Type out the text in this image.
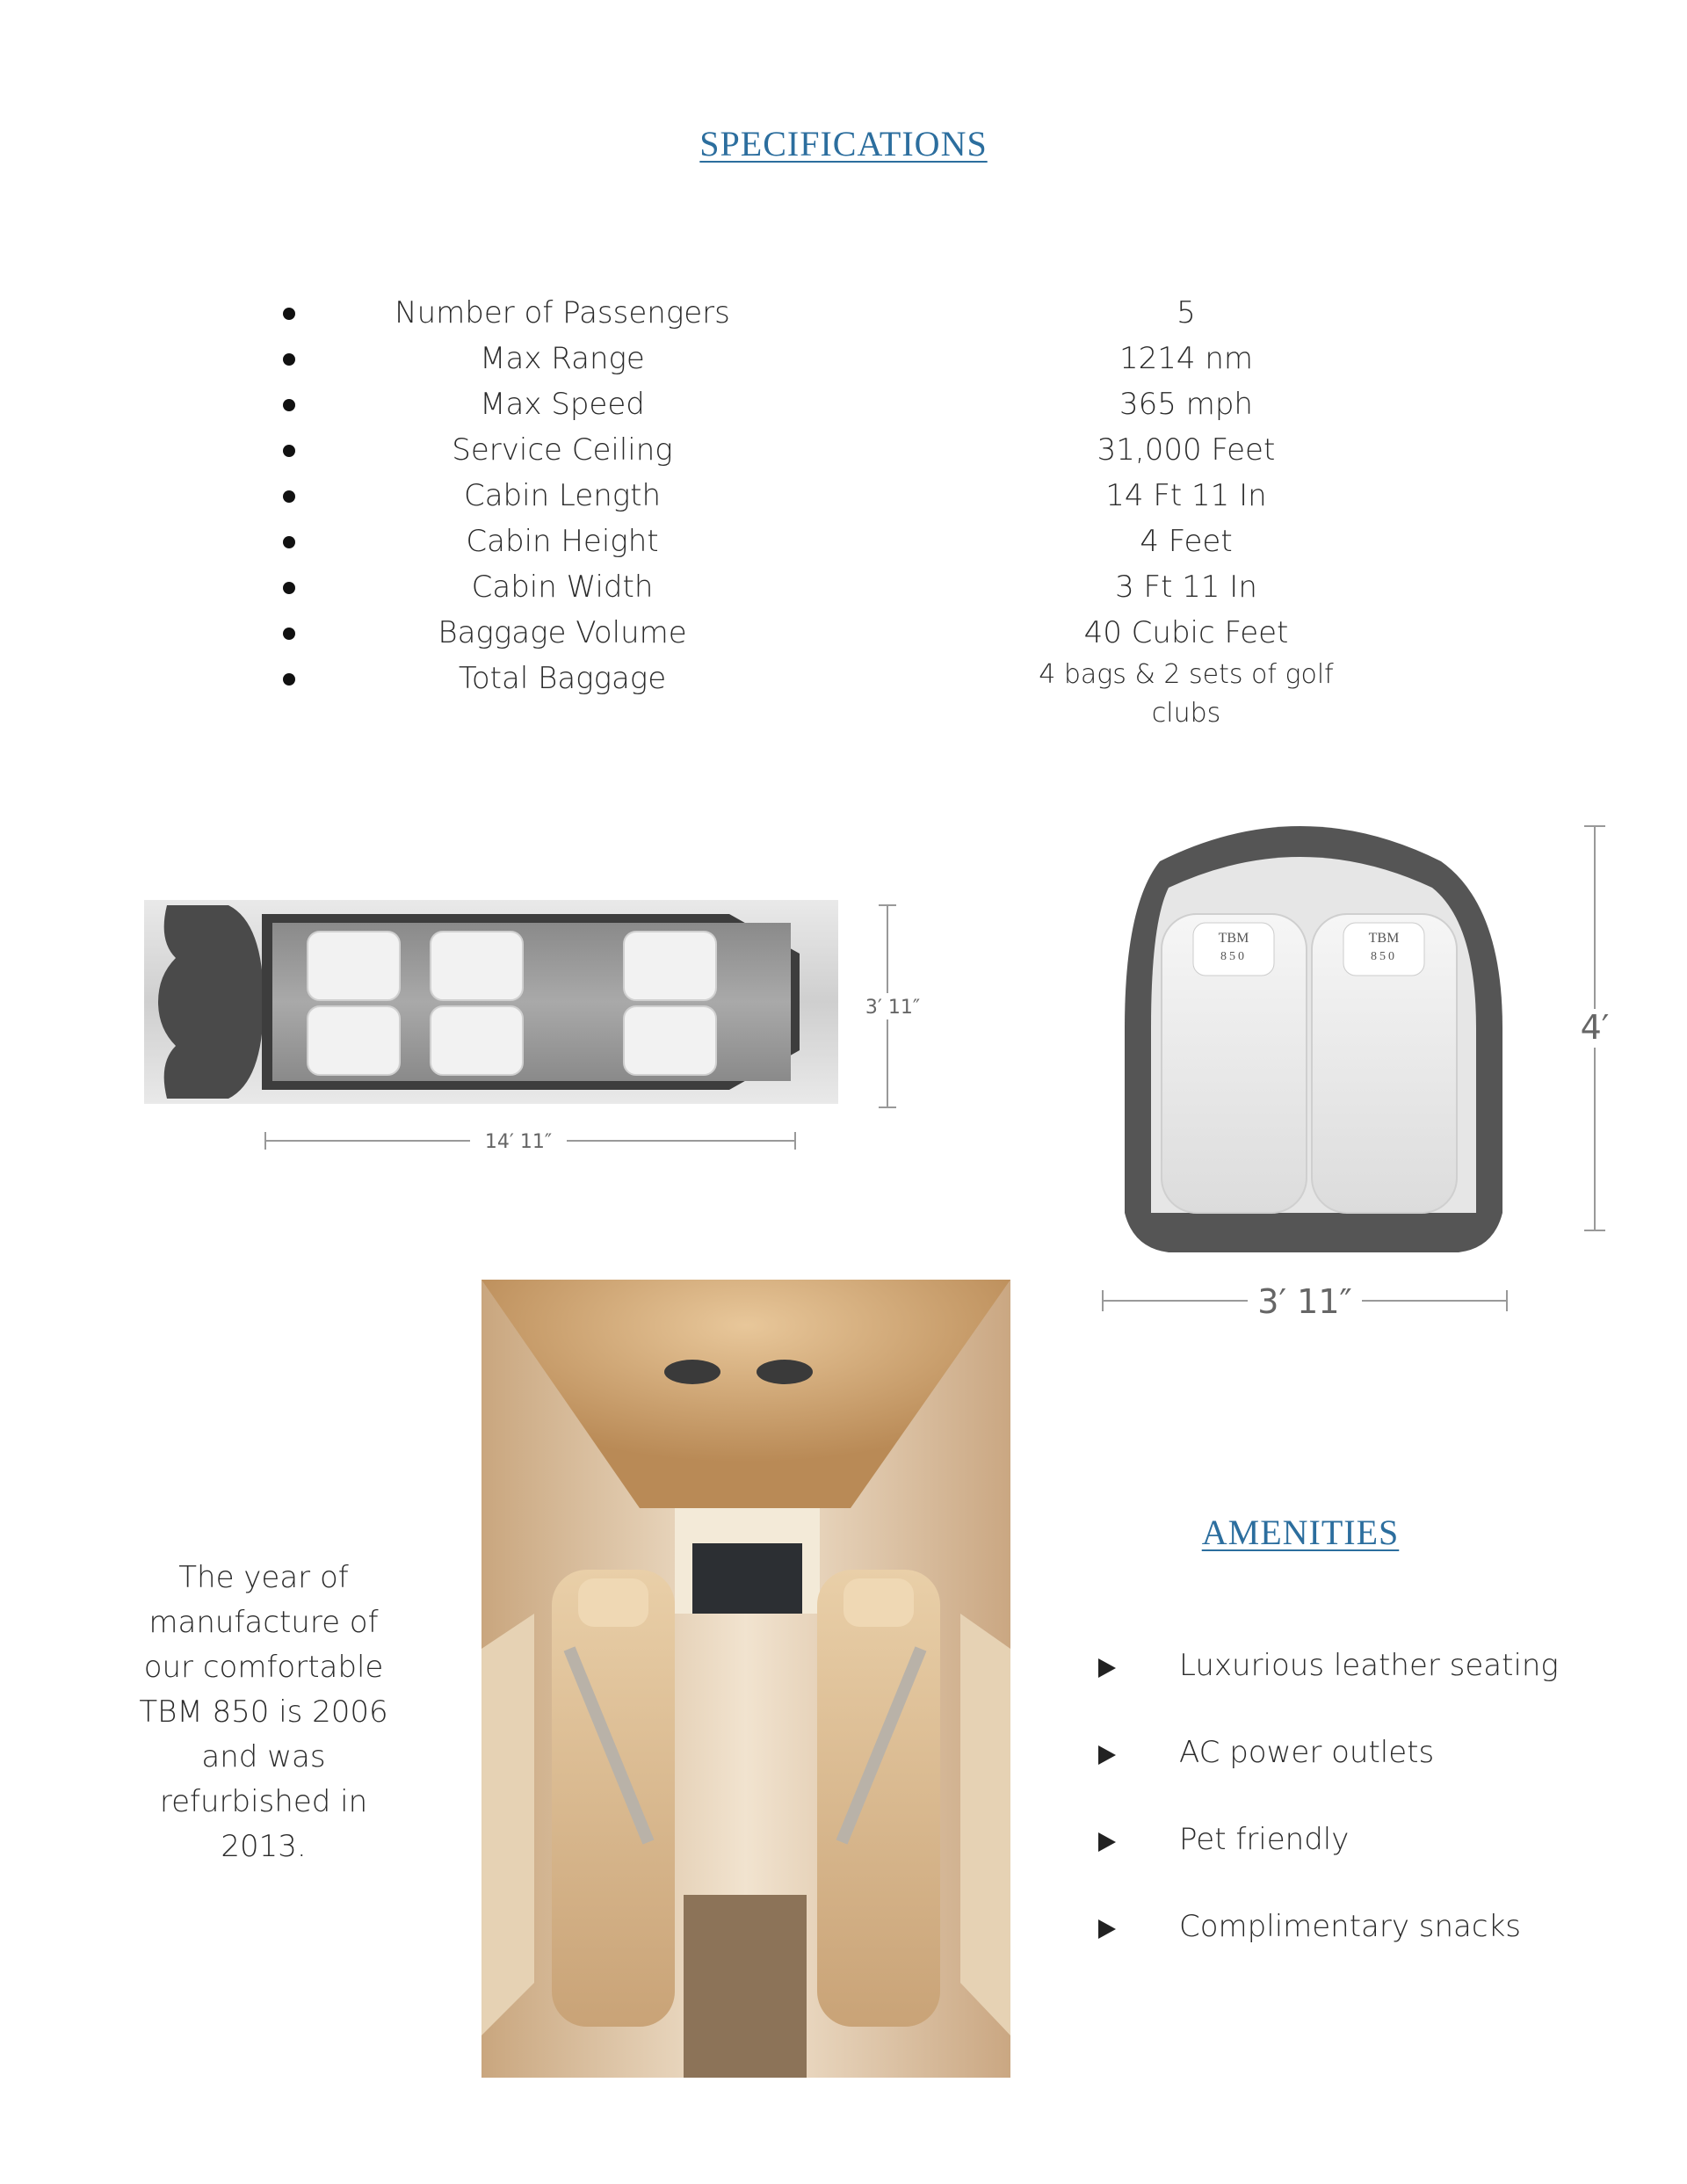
SPECIFICATIONS
Number of Passengers	5
Max Range	1214 nm
Max Speed	365 mph
Service Ceiling	31,000 Feet
Cabin Length	14 Ft 11 In
Cabin Height	4 Feet
Cabin Width	3 Ft 11 In
Baggage Volume	40 Cubic Feet
Total Baggage	4 bags & 2 sets of golf
clubs
3′ 11″
14′ 11″
TBM
850
TBM
850
4′
3′ 11″
The year of manufacture of our comfortable TBM 850 is 2006 and was refurbished in 2013.
AMENITIES
Luxurious leather seating
AC power outlets
Pet friendly
Complimentary snacks
